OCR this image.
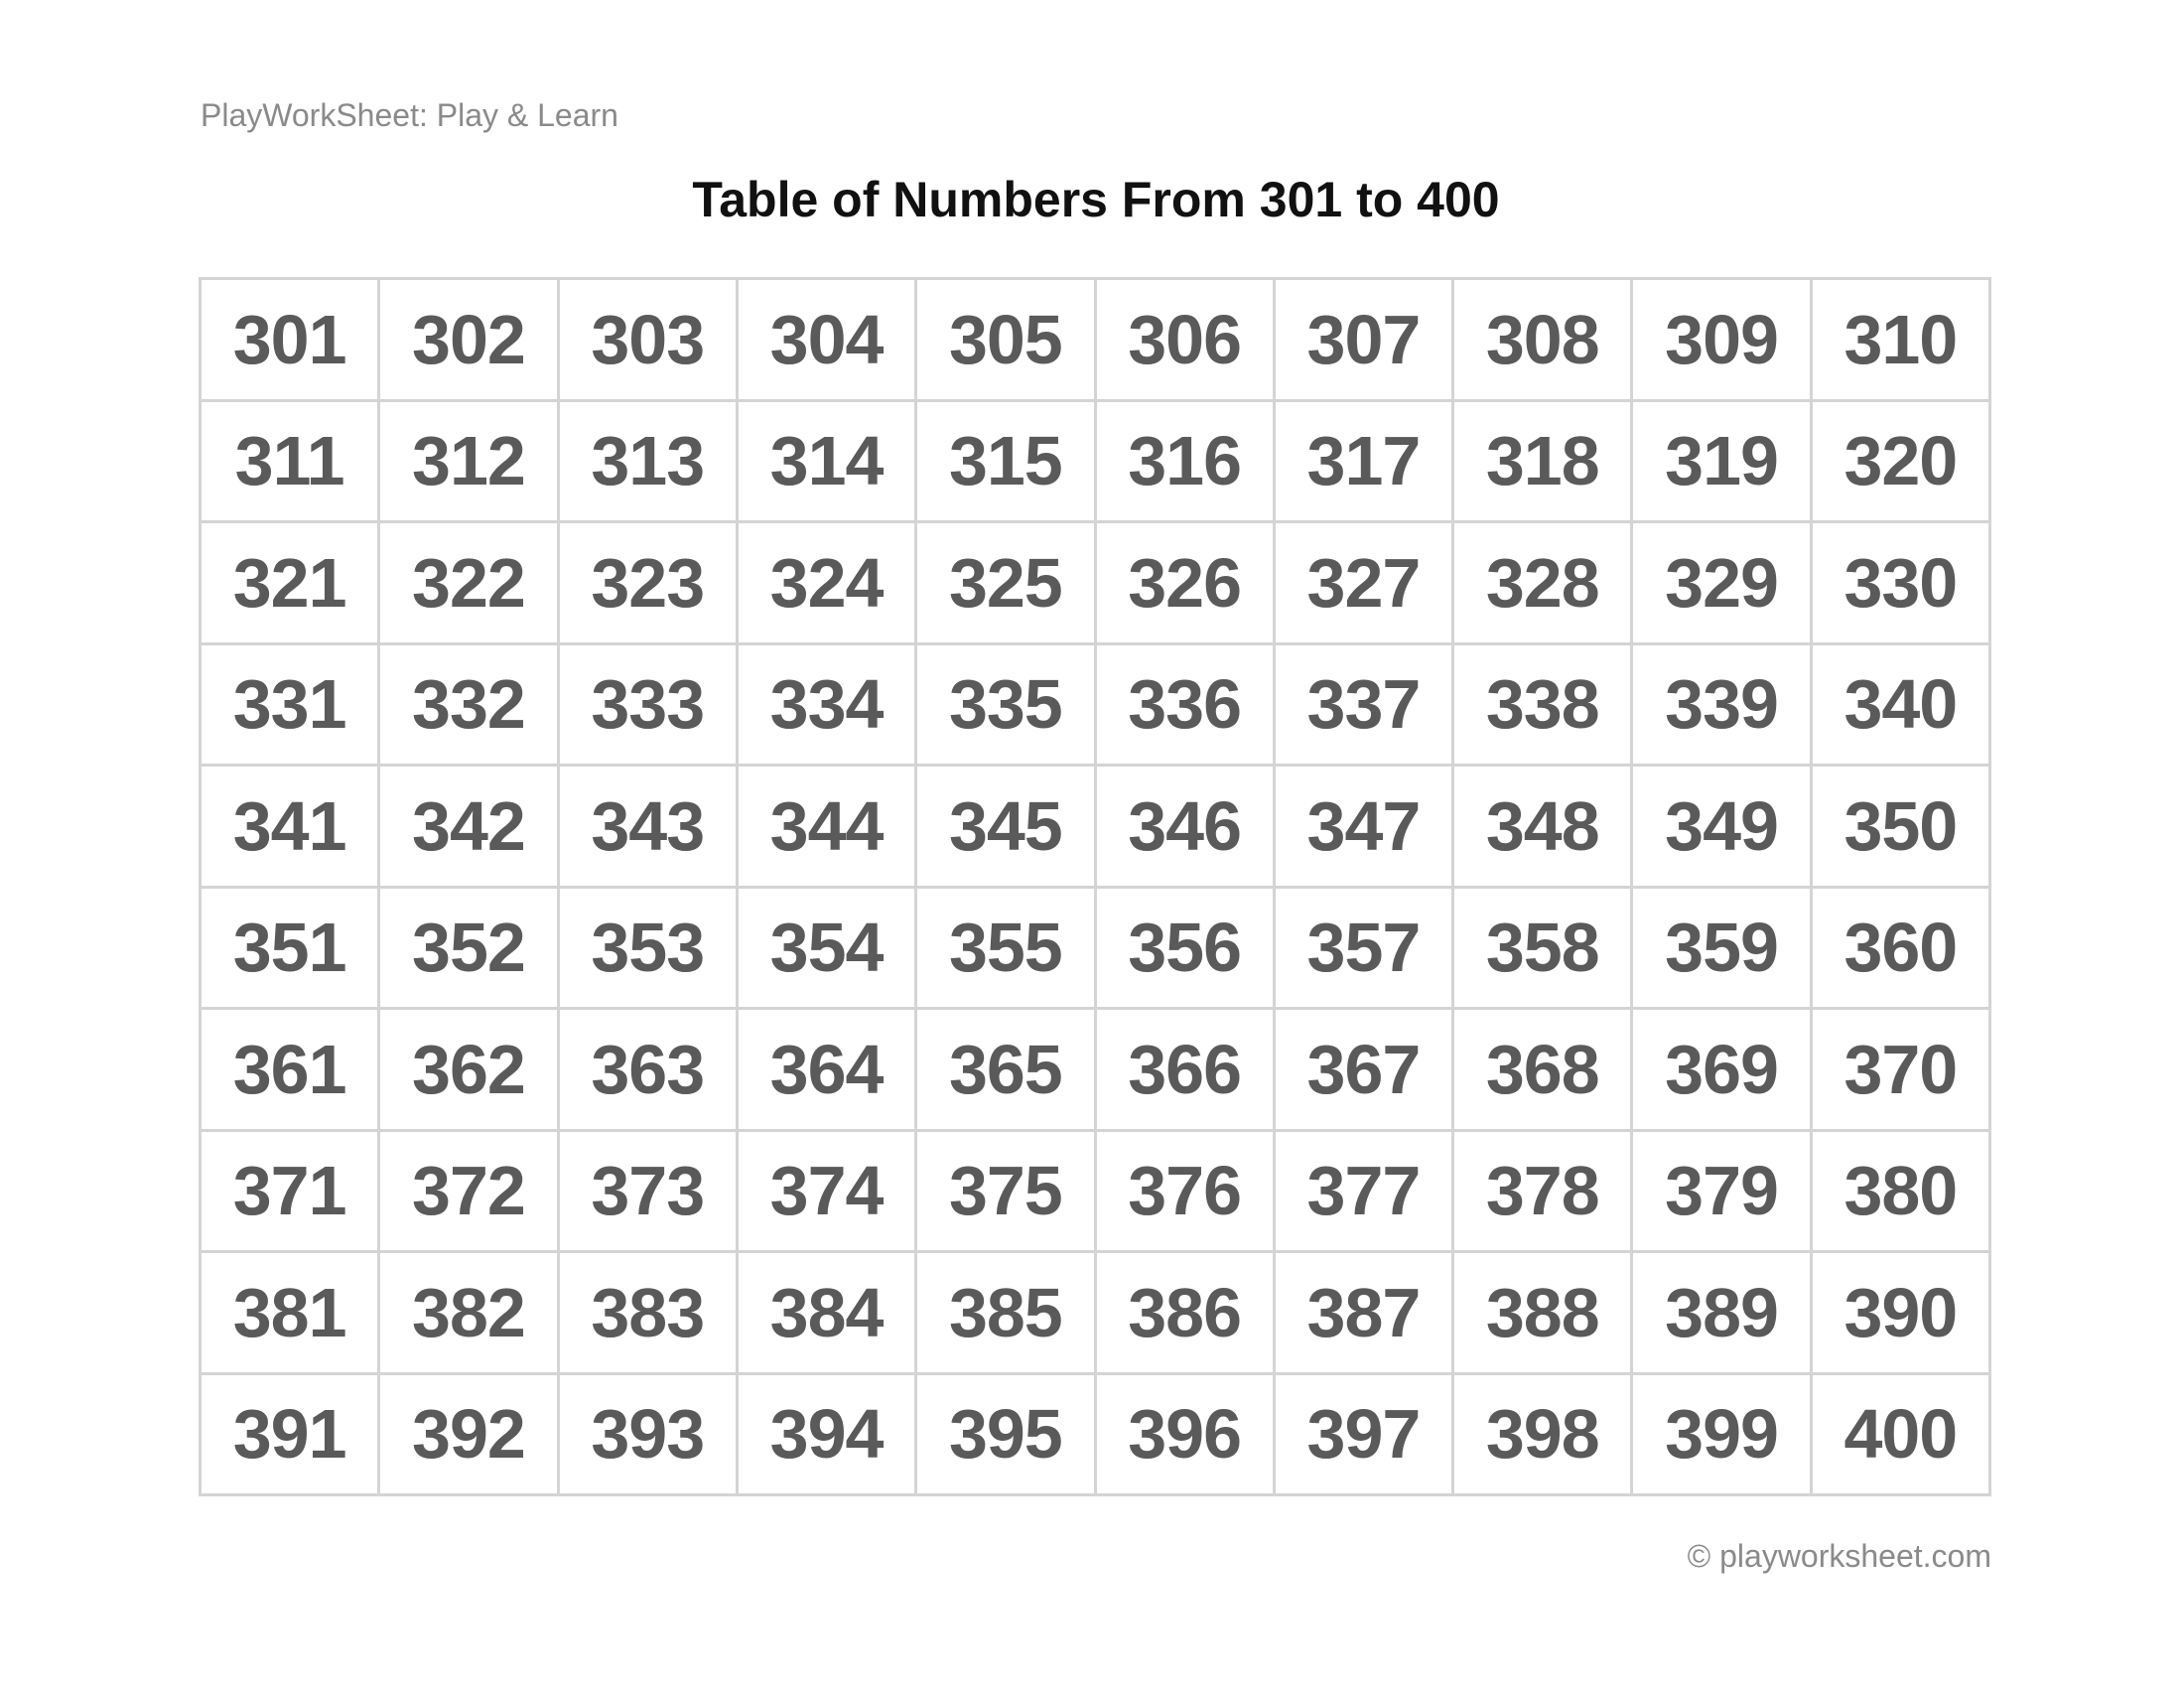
PlayWorkSheet: Play & Learn
Table of Numbers From 301 to 400
301 302 303 304 305 306 307 308 309 310
311 312 313 314 315 316 317 318 319 320
321 322 323 324 325 326 327 328 329 330
331 332 333 334 335 336 337 338 339 340
341 342 343 344 345 346 347 348 349 350
351 352 353 354 355 356 357 358 359 360
361 362 363 364 365 366 367 368 369 370
371 372 373 374 375 376 377 378 379 380
381 382 383 384 385 386 387 388 389 390
391 392 393 394 395 396 397 398 399 400
© playworksheet.com
